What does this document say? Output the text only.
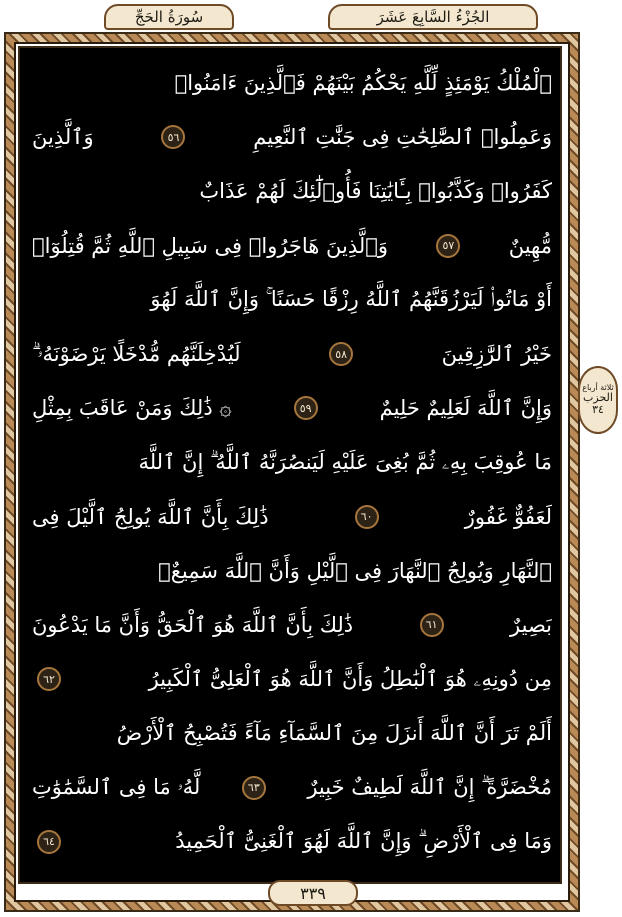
الجُزْءُ السَّابِعَ عَشَرَ
سُورَةُ الحَجِّ
ٱلْمُلْكُ يَوْمَئِذٍ لِّلَّهِ يَحْكُمُ بَيْنَهُمْ فَٱلَّذِينَ ءَامَنُوا۟
وَعَمِلُوا۟ ٱلصَّٰلِحَٰتِ فِى جَنَّٰتِ ٱلنَّعِيمِ
٥٦
وَٱلَّذِينَ
كَفَرُوا۟ وَكَذَّبُوا۟ بِـَٔايَٰتِنَا فَأُو۟لَٰٓئِكَ لَهُمْ عَذَابٌ
مُّهِينٌ
٥٧
وَٱلَّذِينَ هَاجَرُوا۟ فِى سَبِيلِ ٱللَّهِ ثُمَّ قُتِلُوٓا۟
أَوْ مَاتُوا۟ لَيَرْزُقَنَّهُمُ ٱللَّهُ رِزْقًا حَسَنًا ۚ وَإِنَّ ٱللَّهَ لَهُوَ
خَيْرُ ٱلرَّٰزِقِينَ
٥٨
لَيُدْخِلَنَّهُم مُّدْخَلًا يَرْضَوْنَهُۥ ۗ
وَإِنَّ ٱللَّهَ لَعَلِيمٌ حَلِيمٌ
٥٩
۞ ذَٰلِكَ وَمَنْ عَاقَبَ بِمِثْلِ
مَا عُوقِبَ بِهِۦ ثُمَّ بُغِىَ عَلَيْهِ لَيَنصُرَنَّهُ ٱللَّهُ ۗ إِنَّ ٱللَّهَ
لَعَفُوٌّ غَفُورٌ
٦٠
ذَٰلِكَ بِأَنَّ ٱللَّهَ يُولِجُ ٱلَّيْلَ فِى
ٱلنَّهَارِ وَيُولِجُ ٱلنَّهَارَ فِى ٱلَّيْلِ وَأَنَّ ٱللَّهَ سَمِيعٌۢ
بَصِيرٌ
٦١
ذَٰلِكَ بِأَنَّ ٱللَّهَ هُوَ ٱلْحَقُّ وَأَنَّ مَا يَدْعُونَ
مِن دُونِهِۦ هُوَ ٱلْبَٰطِلُ وَأَنَّ ٱللَّهَ هُوَ ٱلْعَلِىُّ ٱلْكَبِيرُ
٦٢
أَلَمْ تَرَ أَنَّ ٱللَّهَ أَنزَلَ مِنَ ٱلسَّمَآءِ مَآءً فَتُصْبِحُ ٱلْأَرْضُ
مُخْضَرَّةً ۗ إِنَّ ٱللَّهَ لَطِيفٌ خَبِيرٌ
٦٣
لَّهُۥ مَا فِى ٱلسَّمَٰوَٰتِ
وَمَا فِى ٱلْأَرْضِ ۗ وَإِنَّ ٱللَّهَ لَهُوَ ٱلْغَنِىُّ ٱلْحَمِيدُ
٦٤
ثلاثة أرباع
الحزب
٣٤
٣٣٩
